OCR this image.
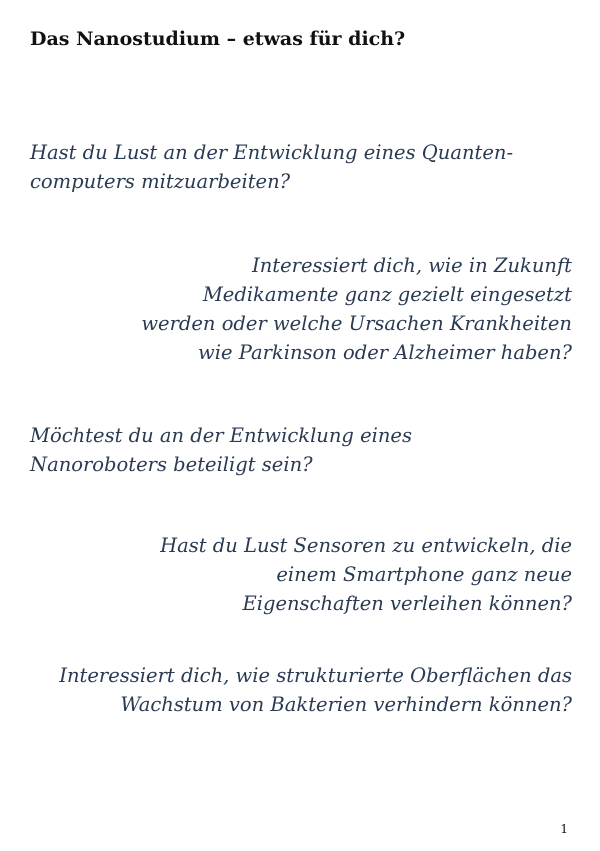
Das Nanostudium – etwas für dich?
Hast du Lust an der Entwicklung eines Quanten-
computers mitzuarbeiten?
Interessiert dich, wie in Zukunft
Medikamente ganz gezielt eingesetzt
werden oder welche Ursachen Krankheiten
wie Parkinson oder Alzheimer haben?
Möchtest du an der Entwicklung eines
Nanoroboters beteiligt sein?
Hast du Lust Sensoren zu entwickeln, die
einem Smartphone ganz neue
Eigenschaften verleihen können?
Interessiert dich, wie strukturierte Oberflächen das
Wachstum von Bakterien verhindern können?
1
